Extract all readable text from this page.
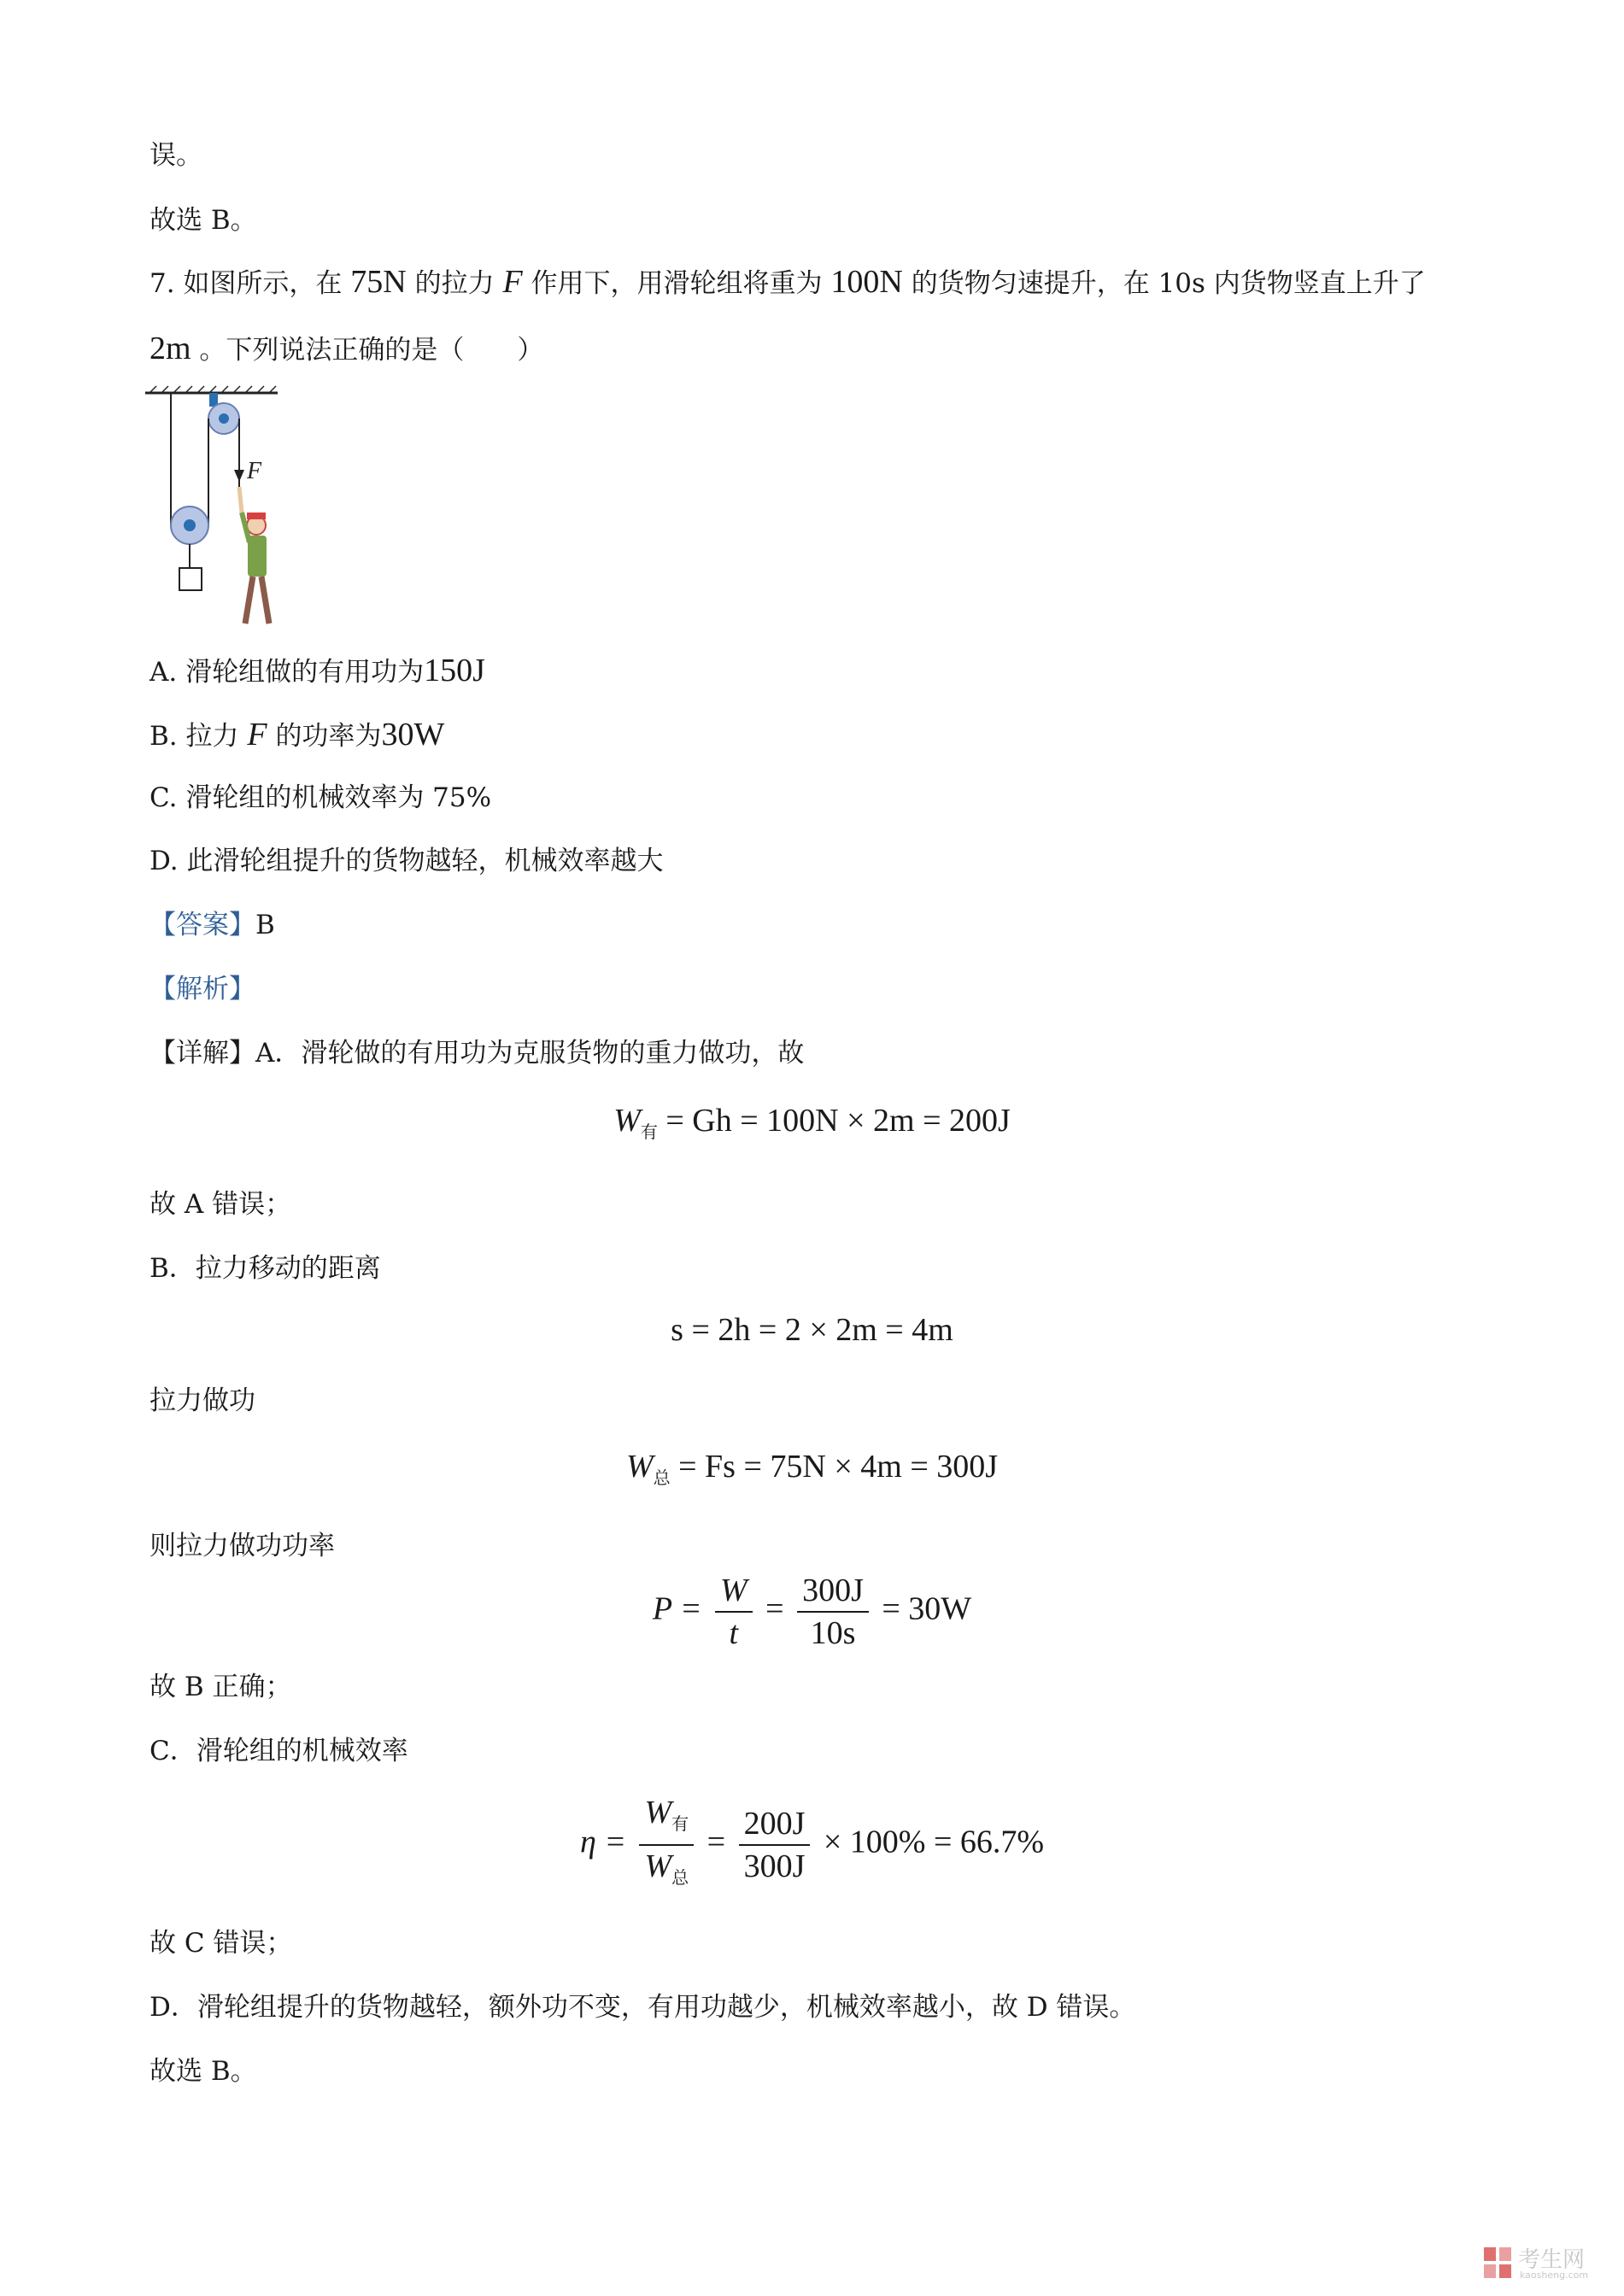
误。
故选 B。
7. 如图所示，在 75N 的拉力 F 作用下，用滑轮组将重为 100N 的货物匀速提升，在 10s 内货物竖直上升了
2m 。下列说法正确的是（　　）
F
A. 滑轮组做的有用功为150J
B. 拉力 F 的功率为30W
C. 滑轮组的机械效率为 75%
D. 此滑轮组提升的货物越轻，机械效率越大
【答案】B
【解析】
【详解】A．滑轮做的有用功为克服货物的重力做功，故
$W_有 = Gh = 100N \times 2m = 200J$
故 A 错误；
B．拉力移动的距离
s = 2h = 2 × 2m = 4m
拉力做功
$W_总 = Fs = 75N \times 4m = 300J$
则拉力做功功率
$P = \frac{W}{t} = \frac{300J}{10s} = 30W$
故 B 正确；
C．滑轮组的机械效率
$\eta = \frac{W_有}{W_总} = \frac{200J}{300J} \times 100\% = 66.7\%$
故 C 错误；
D．滑轮组提升的货物越轻，额外功不变，有用功越少，机械效率越小，故 D 错误。
故选 B。
考生网
kaosheng.com
